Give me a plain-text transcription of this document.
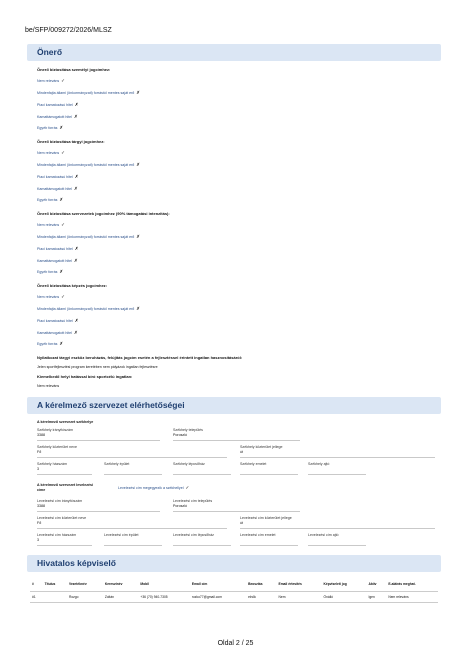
be/SFP/009272/2026/MLSZ
Önerő
Önerő biztosítása személyi jogcímhez:
Nem releváns ✓
Mindenfajta állami (önkormányzati) forrástól mentes saját erő ✗
Piaci kamatozású hitel ✗
Kamattámogatott hitel ✗
Egyéb forrás ✗
Önerő biztosítása tárgyi jogcímhez:
Nem releváns ✓
Mindenfajta állami (önkormányzati) forrástól mentes saját erő ✗
Piaci kamatozású hitel ✗
Kamattámogatott hitel ✗
Egyéb forrás ✗
Önerő biztosítása szervezetek jogcímhez (90% támogatási intenzitás):
Nem releváns ✓
Mindenfajta állami (önkormányzati) forrástól mentes saját erő ✗
Piaci kamatozású hitel ✗
Kamattámogatott hitel ✗
Egyéb forrás ✗
Önerő biztosítása képzés jogcímhez:
Nem releváns ✓
Mindenfajta állami (önkormányzati) forrástól mentes saját erő ✗
Piaci kamatozású hitel ✗
Kamattámogatott hitel ✗
Egyéb forrás ✗
Nyilatkozat tárgyi eszköz beruházás, felújítás jogcím esetén a fejlesztéssel érintett ingatlan hasznosításáról:
Jelen sportfejlesztési program keretében nem pályázok ingatlan fejlesztésre
Kiemelkedő helyi hatással bíró sportcélú ingatlan:
Nem releváns
A kérelmező szervezet elérhetőségei
A kérelmező szervezet székhelye
Székhely irányítószám
3388
Székhely település
Poroszló
Székhely közterület neve
Fő
Székhely közterület jellege
út
Székhely házszám
3
Székhely épület	Székhely lépcsőház	Székhely emelet	Székhely ajtó
A kérelmező szervezet levelezési címe	Levelezési cím megegyezik a székhellyel ✓
Levelezési cím irányítószám
3388
Levelezési cím település
Poroszló
Levelezési cím közterület neve
Fő
Levelezési cím közterület jellege
út
Levelezési cím házszám
3
Levelezési cím épület	Levelezési cím lépcsőház	Levelezési cím emelet	Levelezési cím ajtó
Hivatalos képviselő
#	Titulus	Vezetéknév	Keresztnév	Mobil	Email cím	Beosztás	Email értesítés	Képviseleti jog	Aktív	E-aláírás meghat.
#1		Rozgo	Zoltán	+36 (70) 940-7305	rozko77@gmail.com	elnök	Nem	Önálló	Igen	Nem releváns
Oldal 2 / 25
